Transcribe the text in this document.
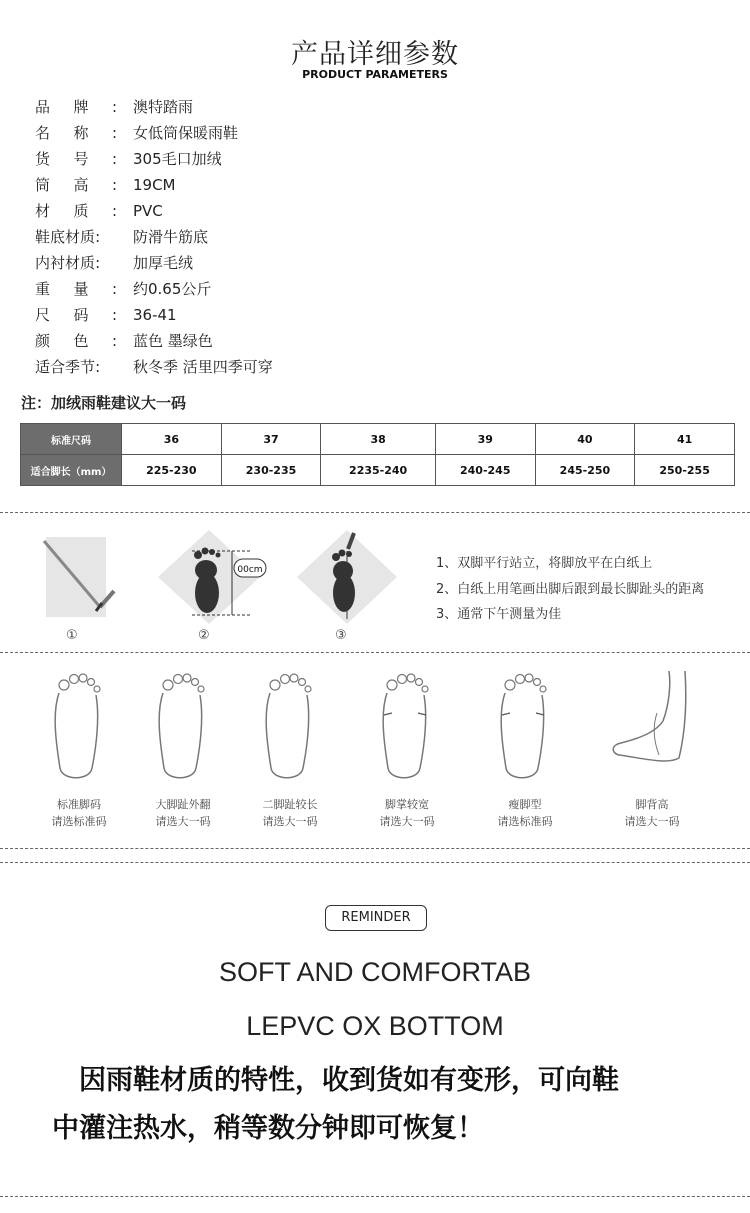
产品详细参数
PRODUCT PARAMETERS
品 牌 : 澳特踏雨
名 称 : 女低筒保暖雨鞋
货 号 : 305毛口加绒
筒 高 : 19CM
材 质 : PVC
鞋 底 材 质 : 防滑牛筋底
内 衬 材 质 : 加厚毛绒
重 量 : 约0.65公斤
尺 码 : 36-41
颜 色 : 蓝色 墨绿色
适 合 季 节 : 秋冬季 活里四季可穿
注：加绒雨鞋建议大一码
标准尺码	36	37	38	39	40	41
适合脚长（mm）	225-230	230-235	2235-240	240-245	245-250	250-255
00cm
①	②	③
1、双脚平行站立，将脚放平在白纸上
2、白纸上用笔画出脚后跟到最长脚趾头的距离
3、通常下午测量为佳
标准脚码
请选标准码
大脚趾外翻
请选大一码
二脚趾较长
请选大一码
脚掌较宽
请选大一码
瘦脚型
请选标准码
脚背高
请选大一码
REMINDER
SOFT AND COMFORTAB
LEPVC OX BOTTOM
　因雨鞋材质的特性，收到货如有变形，可向鞋
中灌注热水，稍等数分钟即可恢复！
